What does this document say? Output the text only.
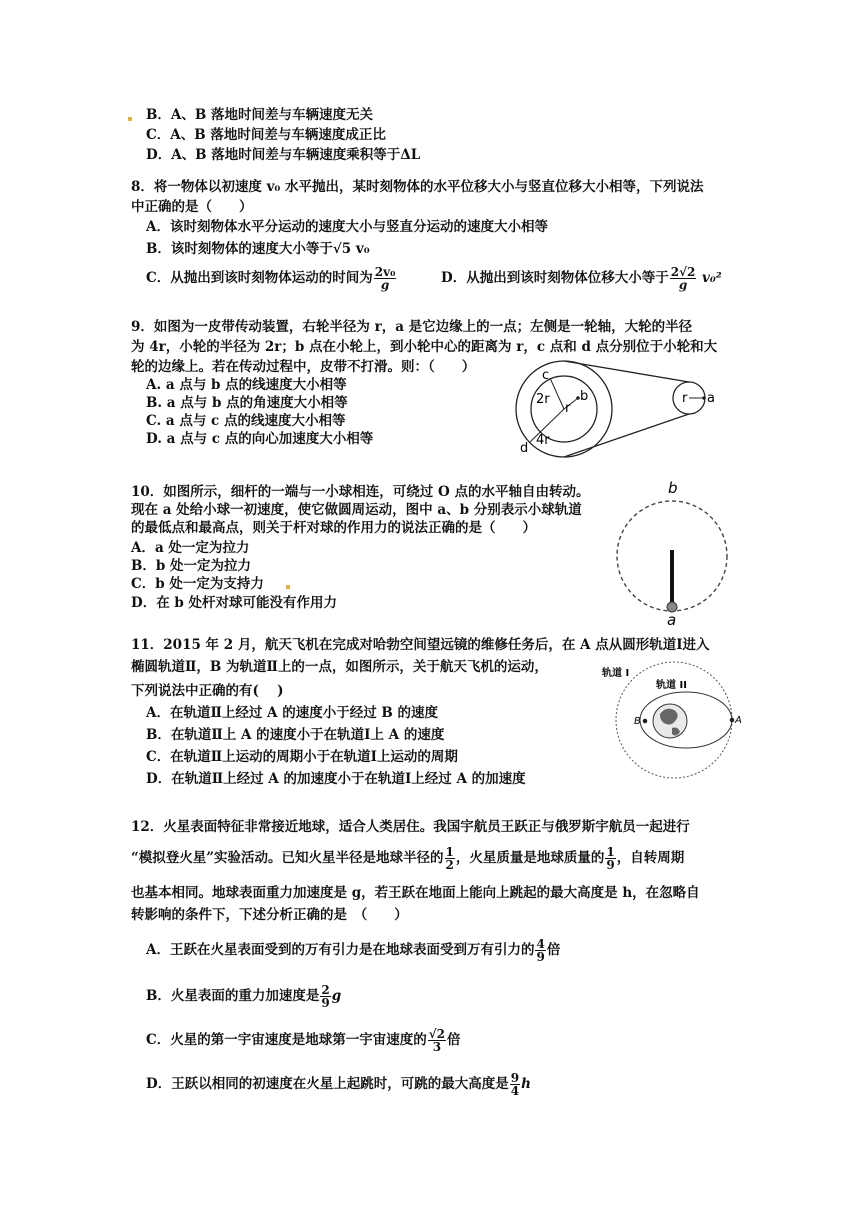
B．A、B 落地时间差与车辆速度无关
C．A、B 落地时间差与车辆速度成正比
D．A、B 落地时间差与车辆速度乘积等于ΔL
8．将一物体以初速度 v₀ 水平抛出，某时刻物体的水平位移大小与竖直位移大小相等，下列说法
中正确的是（　　）
A．该时刻物体水平分运动的速度大小与竖直分运动的速度大小相等
B．该时刻物体的速度大小等于√5 v₀
C．从抛出到该时刻物体运动的时间为 $\frac{\text{2v₀}}{g}$	D．从抛出到该时刻物体位移大小等于 $\frac{2√2}{g} v_0^2$
9．如图为一皮带传动装置，右轮半径为 r，a 是它边缘上的一点；左侧是一轮轴，大轮的半径
为 4r，小轮的半径为 2r；b 点在小轮上，到小轮中心的距离为 r，c 点和 d 点分别位于小轮和大
轮的边缘上。若在传动过程中，皮带不打滑。则：（　　）
A. a 点与 b 点的线速度大小相等
B. a 点与 b 点的角速度大小相等
C. a 点与 c 点的线速度大小相等
D. a 点与 c 点的向心加速度大小相等
c
2r
r
b
d
4r
r a
10．如图所示，细杆的一端与一小球相连，可绕过 O 点的水平轴自由转动。
现在 a 处给小球一初速度，使它做圆周运动，图中 a、b 分别表示小球轨道
的最低点和最高点，则关于杆对球的作用力的说法正确的是（　　）
A．a 处一定为拉力
B．b 处一定为拉力
C．b 处一定为支持力
D．在 b 处杆对球可能没有作用力
b
a
11．2015 年 2 月，航天飞机在完成对哈勃空间望远镜的维修任务后，在 A 点从圆形轨道Ⅰ进入
椭圆轨道Ⅱ，B 为轨道Ⅱ上的一点，如图所示，关于航天飞机的运动，
下列说法中正确的有(　 )
A．在轨道Ⅱ上经过 A 的速度小于经过 B 的速度
B．在轨道Ⅱ上 A 的速度小于在轨道Ⅰ上 A 的速度
C．在轨道Ⅱ上运动的周期小于在轨道Ⅰ上运动的周期
D．在轨道Ⅱ上经过 A 的加速度小于在轨道Ⅰ上经过 A 的加速度
轨道 I
轨道 II
B	A
12．火星表面特征非常接近地球，适合人类居住。我国宇航员王跃正与俄罗斯宇航员一起进行
“模拟登火星”实验活动。已知火星半径是地球半径的 $\frac{1}{2}$ ，火星质量是地球质量的 $\frac{1}{9}$ ，自转周期
也基本相同。地球表面重力加速度是 g，若王跃在地面上能向上跳起的最大高度是 h，在忽略自
转影响的条件下，下述分析正确的是　（　　）
A．王跃在火星表面受到的万有引力是在地球表面受到万有引力的 $\frac{4}{9}$ 倍
B．火星表面的重力加速度是 $\frac{2}{9}$ g
C．火星的第一宇宙速度是地球第一宇宙速度的 $\frac{√2}{3}$ 倍
D．王跃以相同的初速度在火星上起跳时，可跳的最大高度是 $\frac{9}{4}$ h
